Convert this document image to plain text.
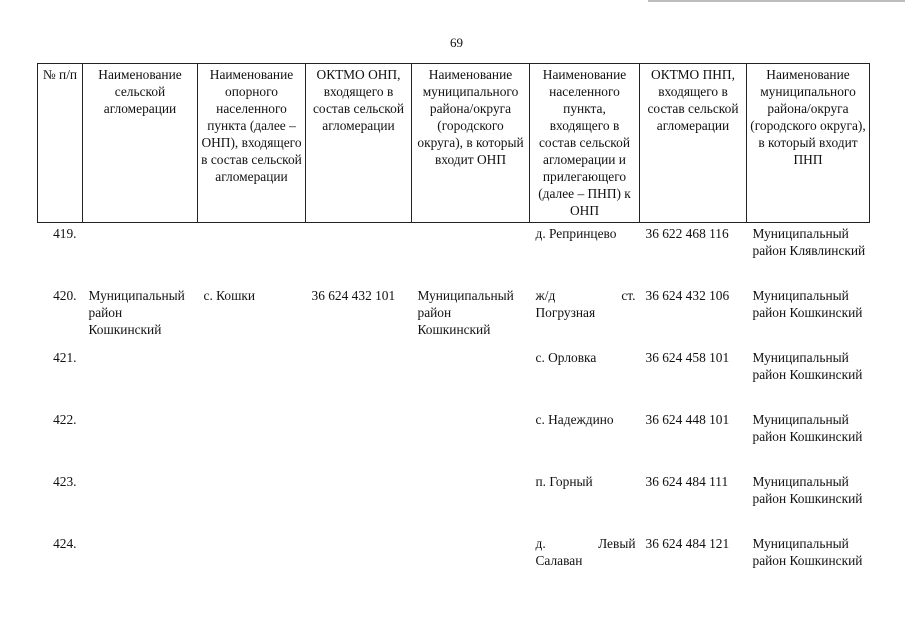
69
№ п/п	Наименование сельской агломерации	Наименование опорного населенного пункта (далее – ОНП), входящего в состав сельской агломерации	ОКТМО ОНП, входящего в состав сельской агломерации	Наименование муниципального района/округа (городского округа), в который входит ОНП	Наименование населенного пункта, входящего в состав сельской агломерации и прилегающего (далее – ПНП) к ОНП	ОКТМО ПНП, входящего в состав сельской агломерации	Наименование муниципального района/округа (городского округа), в который входит ПНП
419.					д. Репринцево	36 622 468 116	Муниципальный район Клявлинский
420.	Муниципальный район Кошкинский	с. Кошки	36 624 432 101	Муниципальный район Кошкинский	ж/д ст. Погрузная	36 624 432 106	Муниципальный район Кошкинский
421.					с. Орловка	36 624 458 101	Муниципальный район Кошкинский
422.					с. Надеждино	36 624 448 101	Муниципальный район Кошкинский
423.					п. Горный	36 624 484 111	Муниципальный район Кошкинский
424.					д. Левый Салаван	36 624 484 121	Муниципальный район Кошкинский
